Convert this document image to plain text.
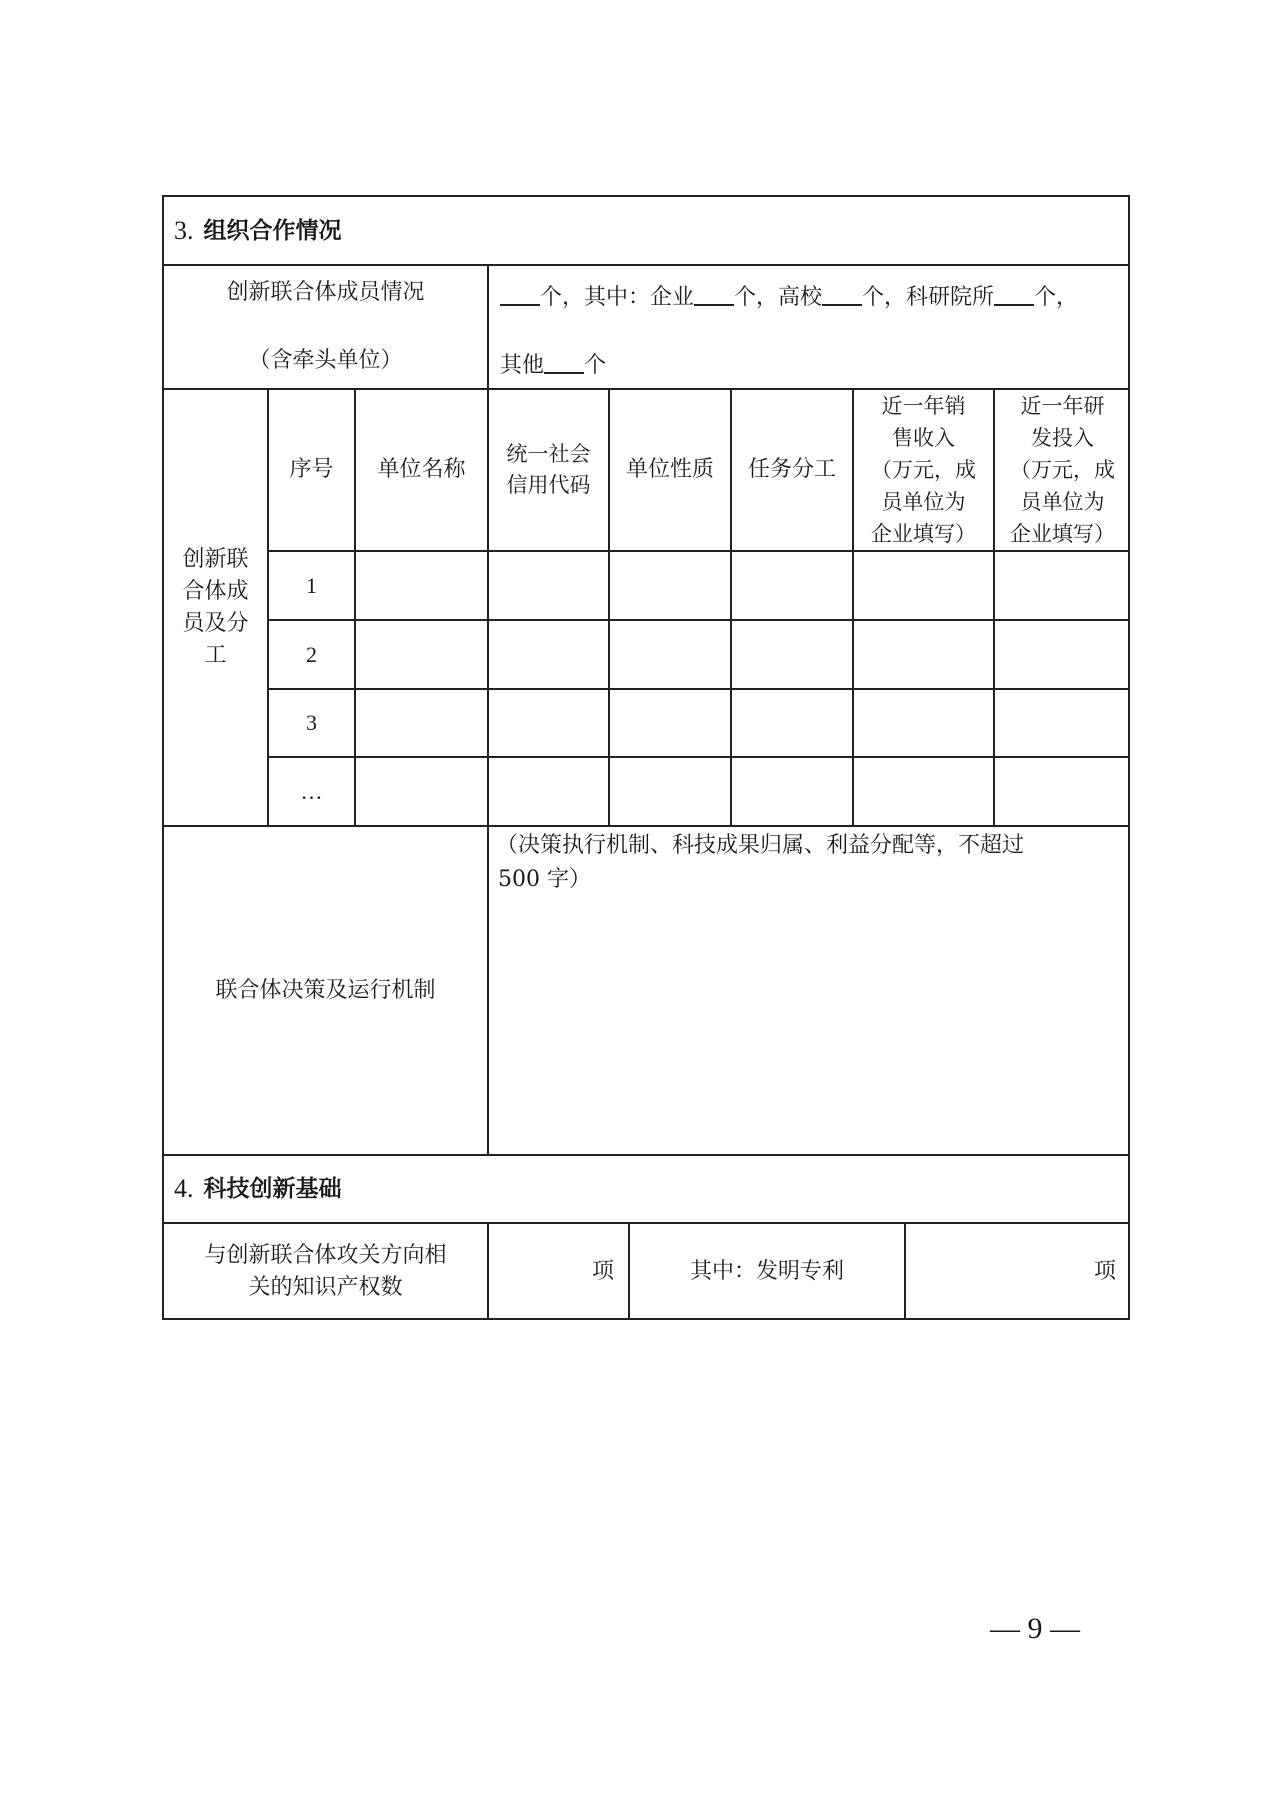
3. 组织合作情况
创新联合体成员情况
（含牵头单位）
个，其中：企业 个，高校 个，科研院所 个，
其他 个
创新联
合体成
员及分
工
序号 单位名称
统一社会
信用代码
单位性质 任务分工
近一年销
售收入
（万元，成
员单位为
企业填写）
近一年研
发投入
（万元，成
员单位为
企业填写）
1
2
3
…
联合体决策及运行机制
（决策执行机制、科技成果归属、利益分配等，不超过
500 字）
4. 科技创新基础
与创新联合体攻关方向相
关的知识产权数
项	其中：发明专利	项
— 9 —
